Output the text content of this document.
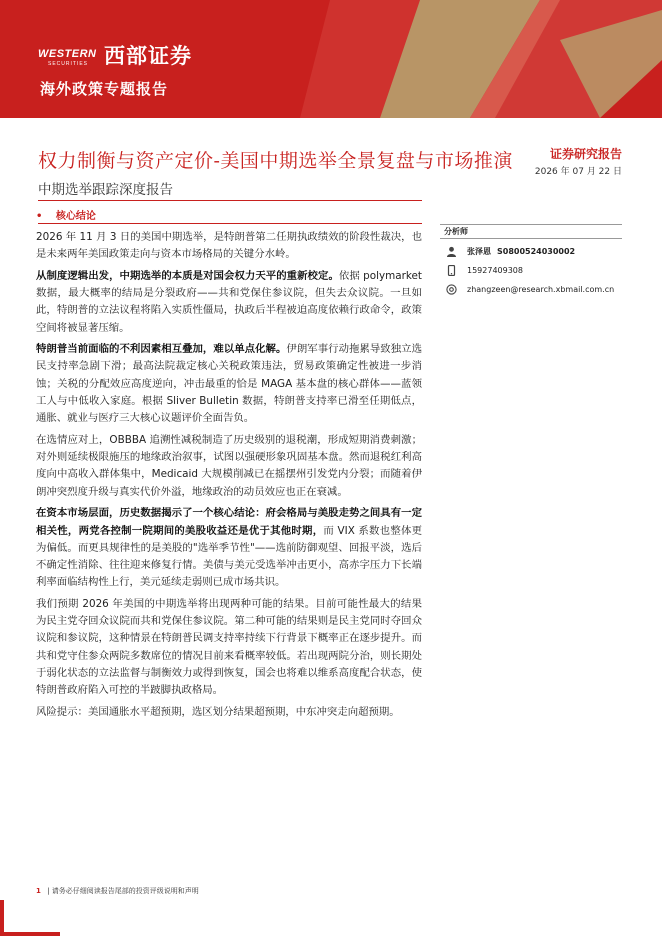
WESTERN
SECURITIES 西部证券
海外政策专题报告
权力制衡与资产定价-美国中期选举全景复盘与市场推演
中期选举跟踪深度报告
证券研究报告
2026 年 07 月 22 日
• 核心结论

2026 年 11 月 3 日的美国中期选举，是特朗普第二任期执政绩效的阶段性裁决，也是未来两年美国政策走向与资本市场格局的关键分水岭。

从制度逻辑出发，中期选举的本质是对国会权力天平的重新校定。依据 polymarket 数据，最大概率的结局是分裂政府——共和党保住参议院，但失去众议院。一旦如此，特朗普的立法议程将陷入实质性僵局，执政后半程被迫高度依赖行政命令，政策空间将被显著压缩。

特朗普当前面临的不利因素相互叠加，难以单点化解。伊朗军事行动拖累导致独立选民支持率急剧下滑；最高法院裁定核心关税政策违法，贸易政策确定性被进一步消蚀；关税的分配效应高度逆向，冲击最重的恰是 MAGA 基本盘的核心群体——蓝领工人与中低收入家庭。根据 Sliver Bulletin 数据，特朗普支持率已滑至任期低点，通胀、就业与医疗三大核心议题评价全面告负。

在选情应对上，OBBBA 追溯性减税制造了历史级别的退税潮，形成短期消费刺激；对外则延续极限施压的地缘政治叙事，试图以强硬形象巩固基本盘。然而退税红利高度向中高收入群体集中，Medicaid 大规模削减已在摇摆州引发党内分裂；而随着伊朗冲突烈度升级与真实代价外溢，地缘政治的动员效应也正在衰减。

在资本市场层面，历史数据揭示了一个核心结论：府会格局与美股走势之间具有一定相关性，两党各控制一院期间的美股收益还是优于其他时期，而 VIX 系数也整体更为偏低。而更具规律性的是美股的"选举季节性"——选前防御观望、回报平淡，选后不确定性消除、往往迎来修复行情。美债与美元受选举冲击更小，高赤字压力下长端利率面临结构性上行，美元延续走弱则已成市场共识。

我们预期 2026 年美国的中期选举将出现两种可能的结果。目前可能性最大的结果为民主党夺回众议院而共和党保住参议院。第二种可能的结果则是民主党同时夺回众议院和参议院，这种情景在特朗普民调支持率持续下行背景下概率正在逐步提升。而共和党守住参众两院多数席位的情况目前来看概率较低。若出现两院分治，则长期处于弱化状态的立法监督与制衡效力或得到恢复，国会也将难以维系高度配合状态，使特朗普政府陷入可控的半跛脚执政格局。

风险提示：美国通胀水平超预期，选区划分结果超预期，中东冲突走向超预期。

分析师
张泽恩 S0800524030002
15927409308
zhangzeen@research.xbmail.com.cn
1 | 请务必仔细阅读报告尾部的投资评级说明和声明
